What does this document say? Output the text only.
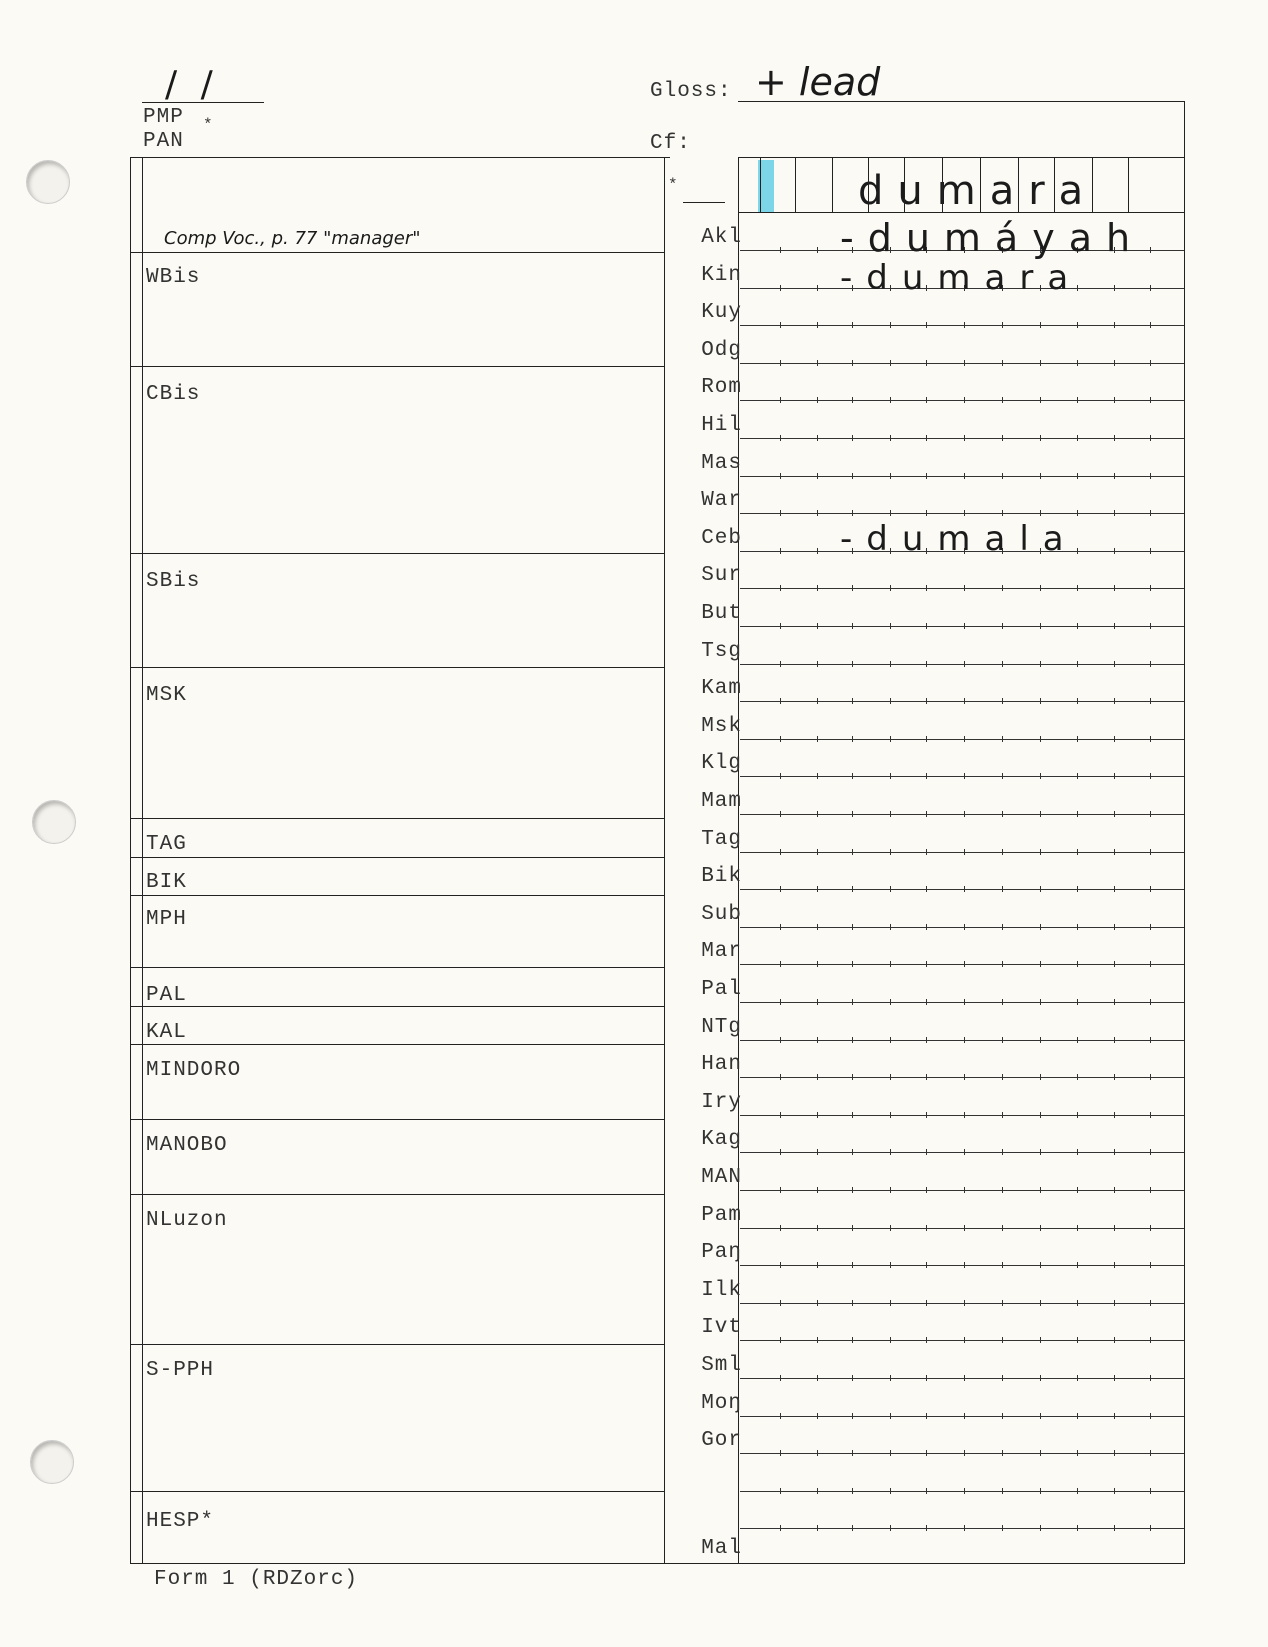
/ /
PMP *
PAN
Gloss: + lead
Cf:
*	dumara
Comp Voc., p. 77 "manager"
WBis
CBis
SBis
MSK
TAG
BIK
MPH
PAL
KAL
MINDORO
MANOBO
NLuzon
S-PPH
HESP*
Akl
Kin
Kuy
Odg
Rom
Hil
Mas
War
Ceb
Sur
But
Tsg
Kam
Msk
Klg
Mam
Tag
Bik
Sub
Mar
Pal
NTg
Han
Iry
Kag
MAN
Pam
Paŋ
Ilk
Ivt
Sml
Moŋ
Gor
Mal
-dumáyah
-dumara
-dumala
Form 1 (RDZorc)
